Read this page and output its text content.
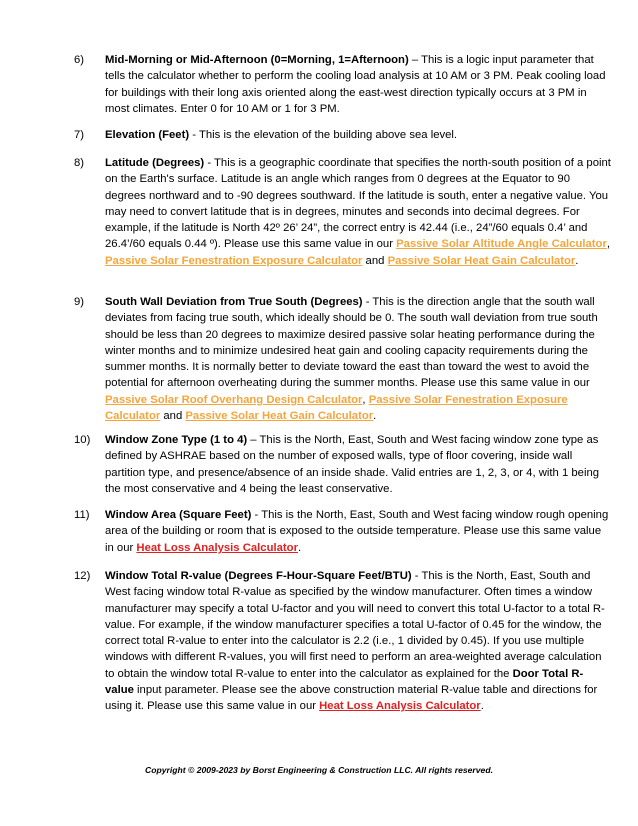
6) Mid-Morning or Mid-Afternoon (0=Morning, 1=Afternoon) – This is a logic input parameter that tells the calculator whether to perform the cooling load analysis at 10 AM or 3 PM. Peak cooling load for buildings with their long axis oriented along the east-west direction typically occurs at 3 PM in most climates. Enter 0 for 10 AM or 1 for 3 PM.
7) Elevation (Feet) - This is the elevation of the building above sea level.
8) Latitude (Degrees) - This is a geographic coordinate that specifies the north-south position of a point on the Earth's surface. Latitude is an angle which ranges from 0 degrees at the Equator to 90 degrees northward and to -90 degrees southward. If the latitude is south, enter a negative value. You may need to convert latitude that is in degrees, minutes and seconds into decimal degrees. For example, if the latitude is North 42º 26’ 24”, the correct entry is 42.44 (i.e., 24”/60 equals 0.4’ and 26.4’/60 equals 0.44 º). Please use this same value in our Passive Solar Altitude Angle Calculator, Passive Solar Fenestration Exposure Calculator and Passive Solar Heat Gain Calculator.
9) South Wall Deviation from True South (Degrees) - This is the direction angle that the south wall deviates from facing true south, which ideally should be 0. The south wall deviation from true south should be less than 20 degrees to maximize desired passive solar heating performance during the winter months and to minimize undesired heat gain and cooling capacity requirements during the summer months. It is normally better to deviate toward the east than toward the west to avoid the potential for afternoon overheating during the summer months. Please use this same value in our Passive Solar Roof Overhang Design Calculator, Passive Solar Fenestration Exposure Calculator and Passive Solar Heat Gain Calculator.
10) Window Zone Type (1 to 4) – This is the North, East, South and West facing window zone type as defined by ASHRAE based on the number of exposed walls, type of floor covering, inside wall partition type, and presence/absence of an inside shade. Valid entries are 1, 2, 3, or 4, with 1 being the most conservative and 4 being the least conservative.
11) Window Area (Square Feet) - This is the North, East, South and West facing window rough opening area of the building or room that is exposed to the outside temperature. Please use this same value in our Heat Loss Analysis Calculator.
12) Window Total R-value (Degrees F-Hour-Square Feet/BTU) - This is the North, East, South and West facing window total R-value as specified by the window manufacturer. Often times a window manufacturer may specify a total U-factor and you will need to convert this total U-factor to a total R-value. For example, if the window manufacturer specifies a total U-factor of 0.45 for the window, the correct total R-value to enter into the calculator is 2.2 (i.e., 1 divided by 0.45). If you use multiple windows with different R-values, you will first need to perform an area-weighted average calculation to obtain the window total R-value to enter into the calculator as explained for the Door Total R-value input parameter. Please see the above construction material R-value table and directions for using it. Please use this same value in our Heat Loss Analysis Calculator.
Copyright © 2009-2023 by Borst Engineering & Construction LLC. All rights reserved.
